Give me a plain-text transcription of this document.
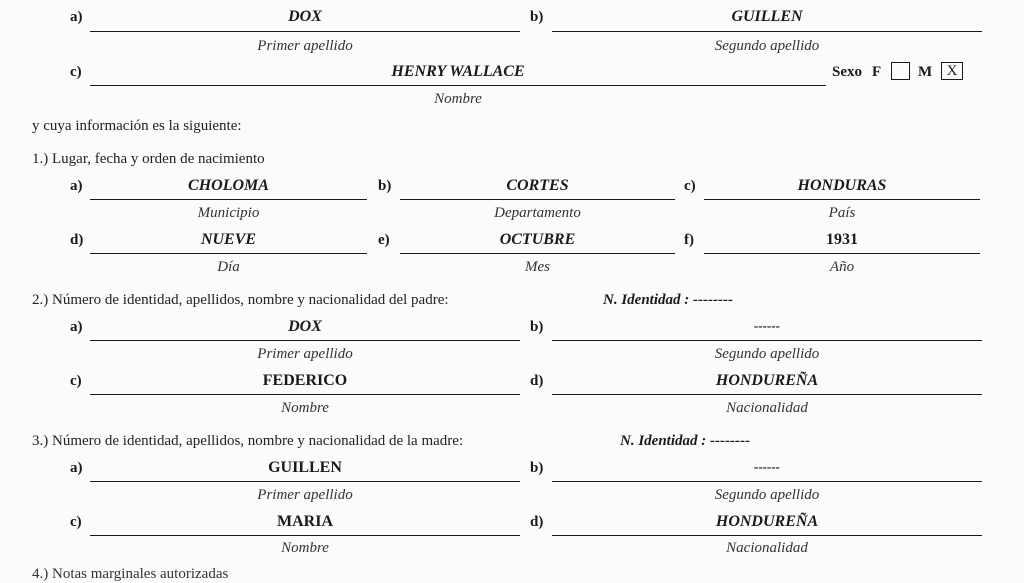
a)	DOX
Primer apellido
b)	GUILLEN
Segundo apellido
c)	HENRY WALLACE
Nombre
Sexo F M X
y cuya información es la siguiente:
1.) Lugar, fecha y orden de nacimiento
a)	CHOLOMA
Municipio
b)	CORTES
Departamento
c)	HONDURAS
País
d)	NUEVE
Día
e)	OCTUBRE
Mes
f)	1931
Año
2.) Número de identidad, apellidos, nombre y nacionalidad del padre:	N. Identidad : --------
a)	DOX
Primer apellido
b)	------
Segundo apellido
c)	FEDERICO
Nombre
d)	HONDUREÑA
Nacionalidad
3.) Número de identidad, apellidos, nombre y nacionalidad de la madre:	N. Identidad : --------
a)	GUILLEN
Primer apellido
b)	------
Segundo apellido
c)	MARIA
Nombre
d)	HONDUREÑA
Nacionalidad
4.) Notas marginales autorizadas
